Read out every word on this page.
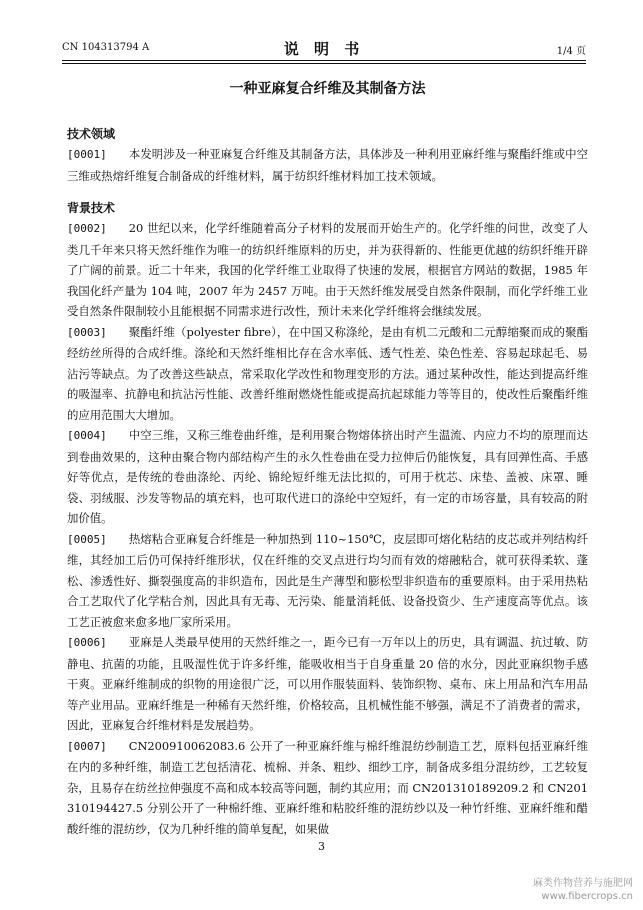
CN 104313794 A	说 明 书	1/4 页
一种亚麻复合纤维及其制备方法
技术领域

[0001] 本发明涉及一种亚麻复合纤维及其制备方法，具体涉及一种利用亚麻纤维与聚酯纤维或中空三维或热熔纤维复合制备成的纤维材料，属于纺织纤维材料加工技术领域。

背景技术

[0002] 20 世纪以来，化学纤维随着高分子材料的发展而开始生产的。化学纤维的问世，改变了人类几千年来只将天然纤维作为唯一的纺织纤维原料的历史，并为获得新的、性能更优越的纺织纤维开辟了广阔的前景。近二十年来，我国的化学纤维工业取得了快速的发展，根据官方网站的数据，1985 年我国化纤产量为 104 吨，2007 年为 2457 万吨。由于天然纤维发展受自然条件限制，而化学纤维工业受自然条件限制较小且能根据不同需求进行改性，预计未来化学纤维将会继续发展。

[0003] 聚酯纤维（polyester fibre），在中国又称涤纶，是由有机二元酸和二元醇缩聚而成的聚酯经纺丝所得的合成纤维。涤纶和天然纤维相比存在含水率低、透气性差、染色性差、容易起球起毛、易沾污等缺点。为了改善这些缺点，常采取化学改性和物理变形的方法。通过某种改性，能达到提高纤维的吸湿率、抗静电和抗沾污性能、改善纤维耐燃烧性能或提高抗起球能力等等目的，使改性后聚酯纤维的应用范围大大增加。

[0004] 中空三维，又称三维卷曲纤维，是利用聚合物熔体挤出时产生温流、内应力不均的原理而达到卷曲效果的，这种由聚合物内部结构产生的永久性卷曲在受力拉伸后仍能恢复，具有回弹性高、手感好等优点，是传统的卷曲涤纶、丙纶、锦纶短纤维无法比拟的，可用于枕芯、床垫、盖被、床罩、睡袋、羽绒服、沙发等物品的填充料，也可取代进口的涤纶中空短纤，有一定的市场容量，具有较高的附加价值。

[0005] 热熔粘合亚麻复合纤维是一种加热到 110~150℃，皮层即可熔化粘结的皮芯或并列结构纤维，其经加工后仍可保持纤维形状，仅在纤维的交叉点进行均匀而有效的熔融粘合，就可获得柔软、蓬松、渗透性好、撕裂强度高的非织造布，因此是生产薄型和膨松型非织造布的重要原料。由于采用热粘合工艺取代了化学粘合剂，因此具有无毒、无污染、能量消耗低、设备投资少、生产速度高等优点。该工艺正被愈来愈多地厂家所采用。

[0006] 亚麻是人类最早使用的天然纤维之一，距今已有一万年以上的历史，具有调温、抗过敏、防静电、抗菌的功能，且吸湿性优于许多纤维，能吸收相当于自身重量 20 倍的水分，因此亚麻织物手感干爽。亚麻纤维制成的织物的用途很广泛，可以用作服装面料、装饰织物、桌布、床上用品和汽车用品等产业用品。亚麻纤维是一种稀有天然纤维，价格较高，且机械性能不够强，满足不了消费者的需求，因此，亚麻复合纤维材料是发展趋势。

[0007] CN200910062083.6 公开了一种亚麻纤维与棉纤维混纺纱制造工艺，原料包括亚麻纤维在内的多种纤维，制造工艺包括清花、梳棉、并条、粗纱、细纱工序，制备成多组分混纺纱，工艺较复杂，且易存在纺丝拉伸强度不高和成本较高等问题，制约其应用；而 CN201310189209.2 和 CN201310194427.5 分别公开了一种棉纤维、亚麻纤维和粘胶纤维的混纺纱以及一种竹纤维、亚麻纤维和醋酸纤维的混纺纱，仅为几种纤维的简单复配，如果做

3
麻类作物营养与施肥网
www.fibercrops.cn
